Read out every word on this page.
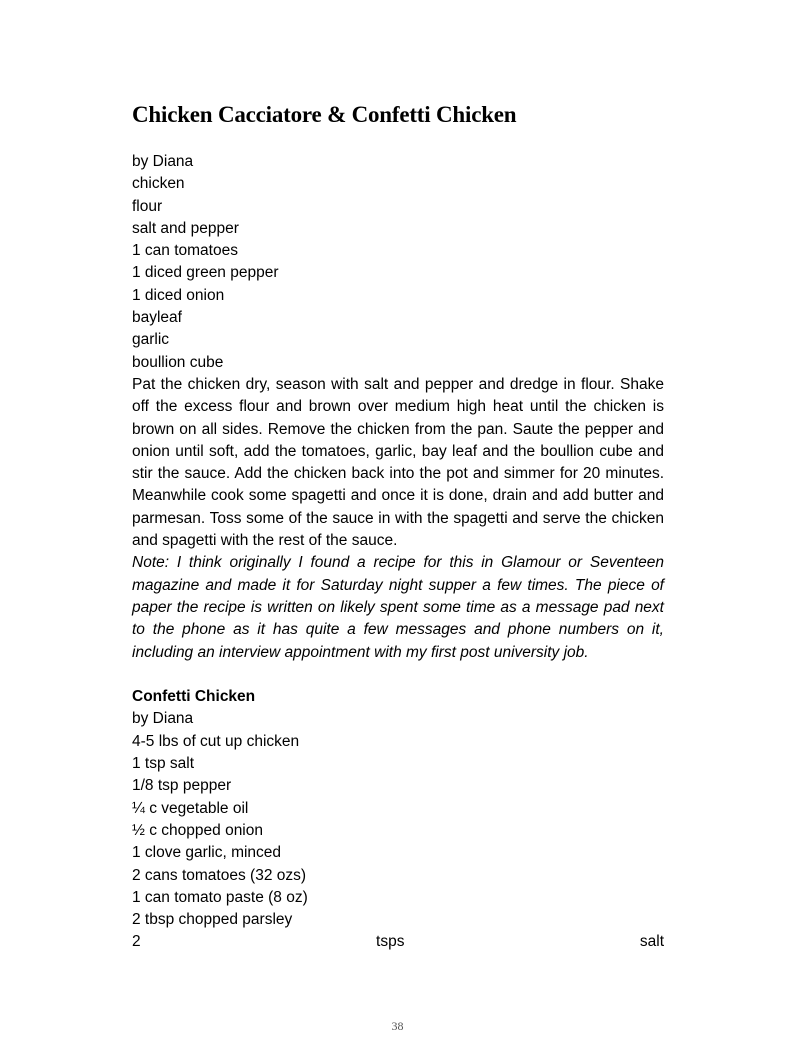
Chicken Cacciatore & Confetti Chicken
by Diana
chicken
flour
salt and pepper
1 can tomatoes
1 diced green pepper
1 diced onion
bayleaf
garlic
boullion cube
Pat the chicken dry, season with salt and pepper and dredge in flour. Shake off the excess flour and brown over medium high heat until the chicken is brown on all sides. Remove the chicken from the pan. Saute the pepper and onion until soft, add the tomatoes, garlic, bay leaf and the boullion cube and stir the sauce. Add the chicken back into the pot and simmer for 20 minutes. Meanwhile cook some spagetti and once it is done, drain and add butter and parmesan. Toss some of the sauce in with the spagetti and serve the chicken and spagetti with the rest of the sauce.
Note: I think originally I found a recipe for this in Glamour or Seventeen magazine and made it for Saturday night supper a few times. The piece of paper the recipe is written on likely spent some time as a message pad next to the phone as it has quite a few messages and phone numbers on it, including an interview appointment with my first post university job.
Confetti Chicken
by Diana
4-5 lbs of cut up chicken
1 tsp salt
1/8 tsp pepper
¼ c vegetable oil
½ c chopped onion
1 clove garlic, minced
2 cans tomatoes (32 ozs)
1 can tomato paste (8 oz)
2 tbsp chopped parsley
2	tsps	salt
38
